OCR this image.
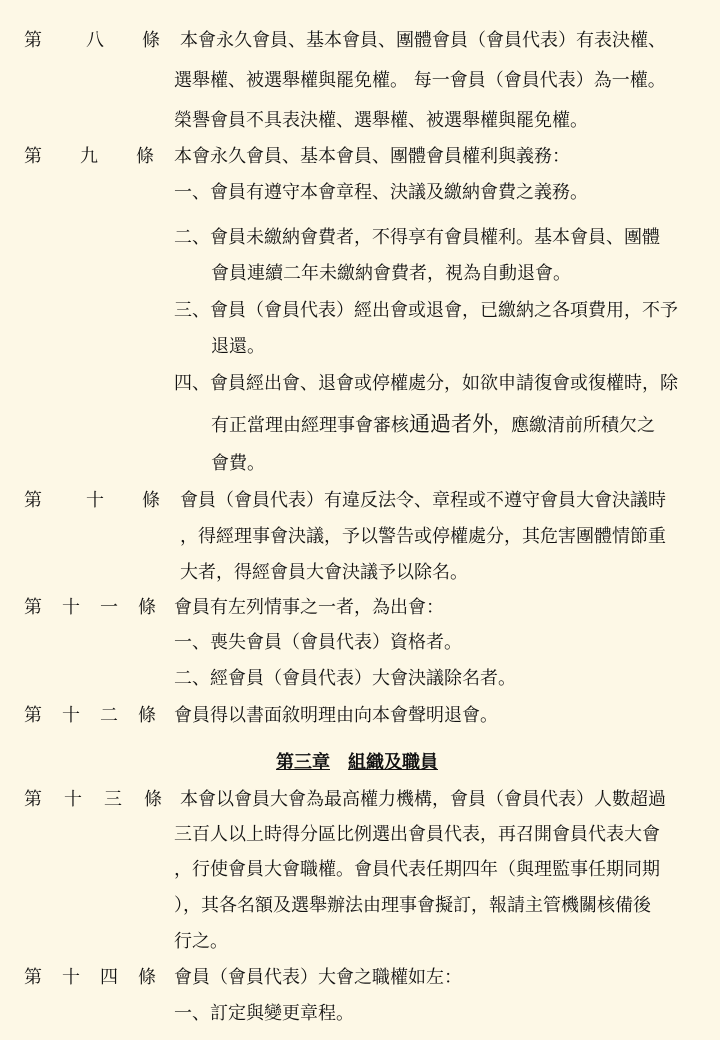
第 八 條 本會永久會員、基本會員、團體會員（會員代表）有表決權、
選舉權、被選舉權與罷免權。 每一會員（會員代表）為一權。
榮譽會員不具表決權、選舉權、被選舉權與罷免權。
第 九 條 本會永久會員、基本會員、團體會員權利與義務：
一、會員有遵守本會章程、決議及繳納會費之義務。
二、會員未繳納會費者，不得享有會員權利。基本會員、團體
會員連續二年未繳納會費者，視為自動退會。
三、會員（會員代表）經出會或退會，已繳納之各項費用，不予
退還。
四、會員經出會、退會或停權處分，如欲申請復會或復權時，除
有正當理由經理事會審核通過者外，應繳清前所積欠之
會費。
第 十 條 會員（會員代表）有違反法令、章程或不遵守會員大會決議時
，得經理事會決議，予以警告或停權處分，其危害團體情節重
大者，得經會員大會決議予以除名。
第 十 一 條 會員有左列情事之一者，為出會：
一、喪失會員（會員代表）資格者。
二、經會員（會員代表）大會決議除名者。
第 十 二 條 會員得以書面敘明理由向本會聲明退會。
第三章 組織及職員
第 十 三 條 本會以會員大會為最高權力機構，會員（會員代表）人數超過
三百人以上時得分區比例選出會員代表，再召開會員代表大會
，行使會員大會職權。會員代表任期四年（與理監事任期同期
），其各名額及選舉辦法由理事會擬訂，報請主管機關核備後
行之。
第 十 四 條 會員（會員代表）大會之職權如左：
一、訂定與變更章程。
